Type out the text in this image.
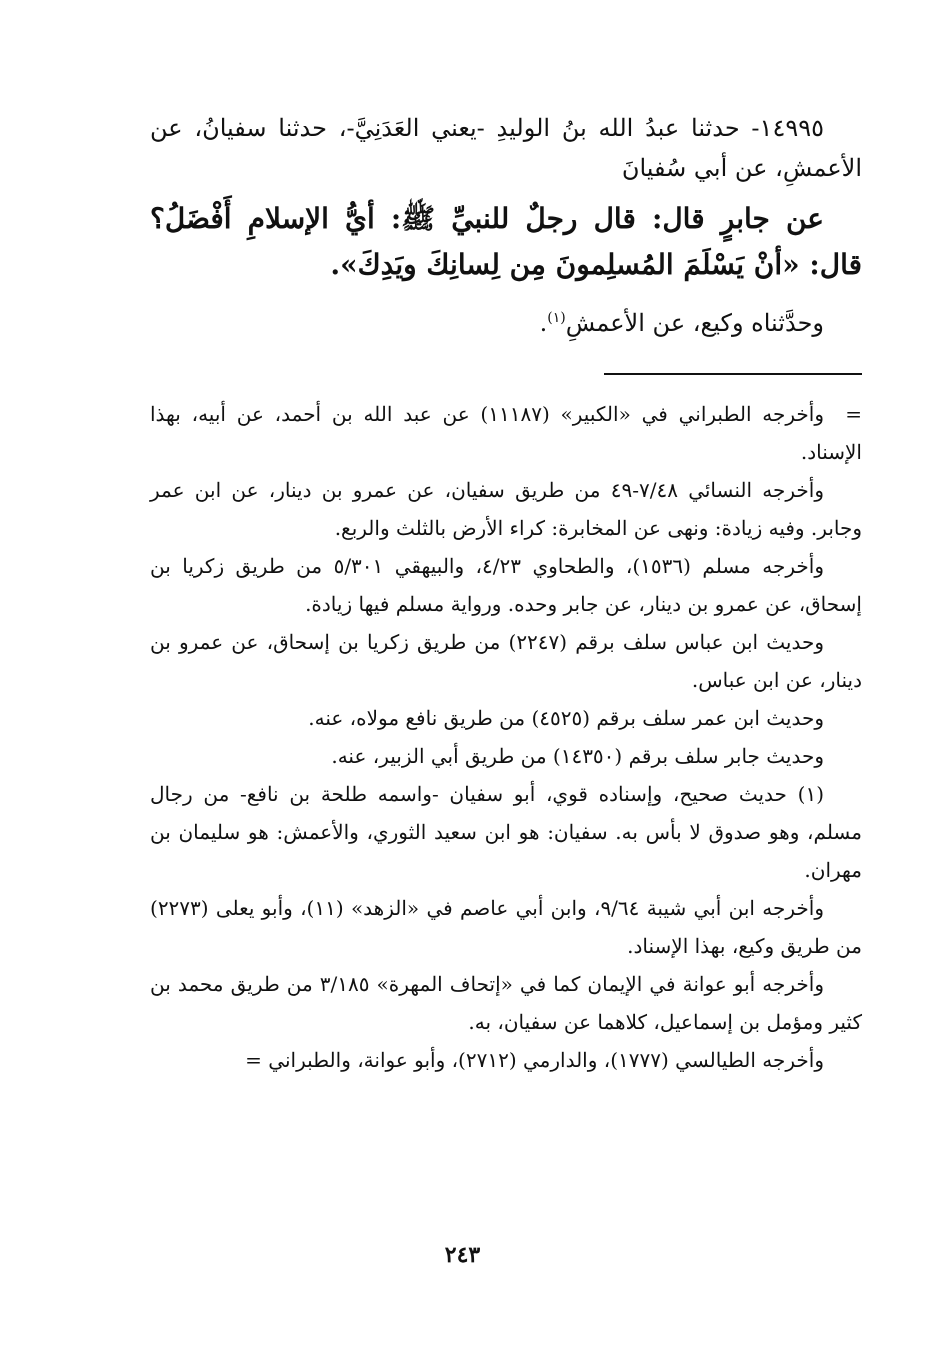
١٤٩٩٥- حدثنا عبدُ الله بنُ الوليدِ -يعني العَدَنِيَّ-، حدثنا سفيانُ، عن الأعمشِ، عن أبي سُفيانَ

عن جابرٍ قال: قال رجلٌ للنبيِّ ﷺ: أيُّ الإسلامِ أَفْضَلُ؟ قال: «أنْ يَسْلَمَ المُسلِمونَ مِن لِسانِكَ ويَدِكَ».

وحدَّثناه وكيع، عن الأعمشِ$^{(١)}$.

=وأخرجه الطبراني في «الكبير» (١١١٨٧) عن عبد الله بن أحمد، عن أبيه، بهذا الإسناد.

وأخرجه النسائي ٧/٤٨-٤٩ من طريق سفيان، عن عمرو بن دينار، عن ابن عمر وجابر. وفيه زيادة: ونهى عن المخابرة: كراء الأرض بالثلث والربع.

وأخرجه مسلم (١٥٣٦)، والطحاوي ٤/٢٣، والبيهقي ٥/٣٠١ من طريق زكريا بن إسحاق، عن عمرو بن دينار، عن جابر وحده. ورواية مسلم فيها زيادة.

وحديث ابن عباس سلف برقم (٢٢٤٧) من طريق زكريا بن إسحاق، عن عمرو بن دينار، عن ابن عباس.

وحديث ابن عمر سلف برقم (٤٥٢٥) من طريق نافع مولاه، عنه.

وحديث جابر سلف برقم (١٤٣٥٠) من طريق أبي الزبير، عنه.

(١) حديث صحيح، وإسناده قوي، أبو سفيان -واسمه طلحة بن نافع- من رجال مسلم، وهو صدوق لا بأس به. سفيان: هو ابن سعيد الثوري، والأعمش: هو سليمان بن مهران.

وأخرجه ابن أبي شيبة ٩/٦٤، وابن أبي عاصم في «الزهد» (١١)، وأبو يعلى (٢٢٧٣) من طريق وكيع، بهذا الإسناد.

وأخرجه أبو عوانة في الإيمان كما في «إتحاف المهرة» ٣/١٨٥ من طريق محمد بن كثير ومؤمل بن إسماعيل، كلاهما عن سفيان، به.

وأخرجه الطيالسي (١٧٧٧)، والدارمي (٢٧١٢)، وأبو عوانة، والطبراني =

٢٤٣
